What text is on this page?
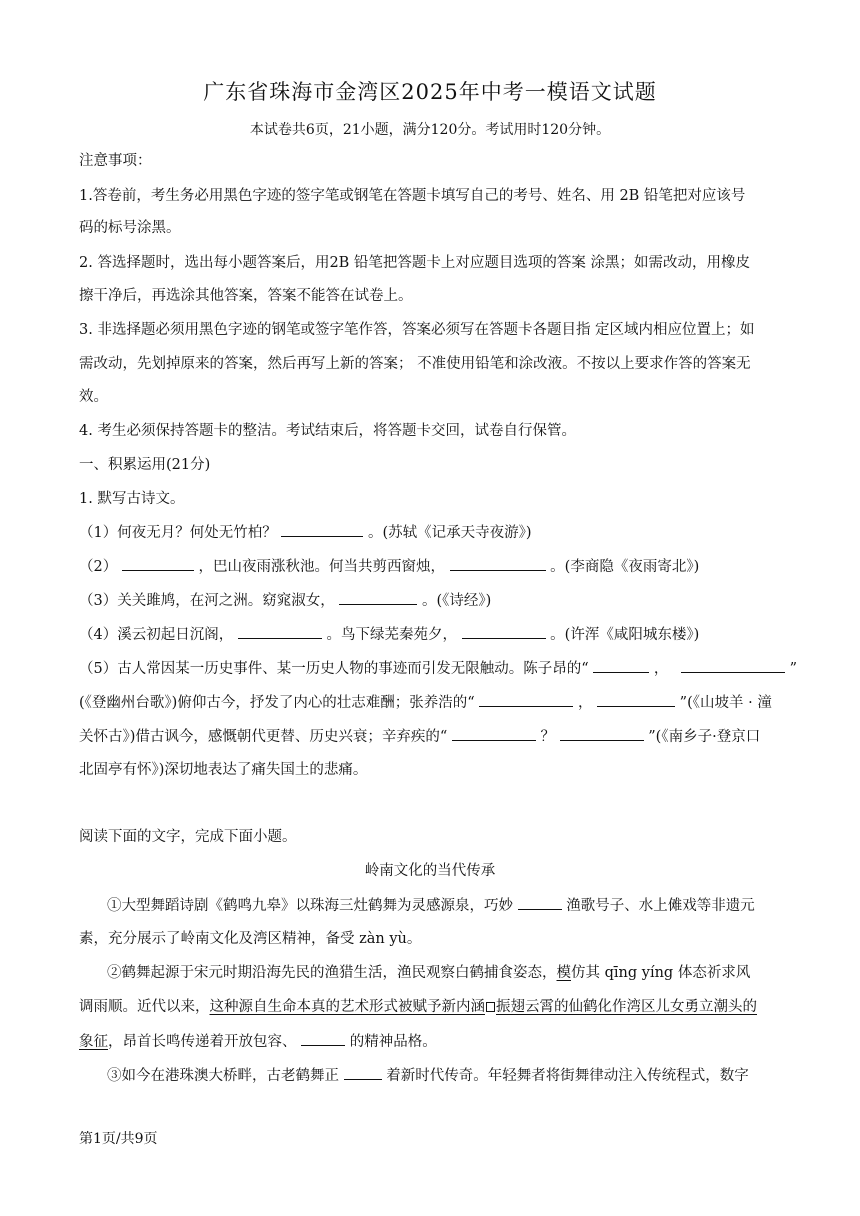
广东省珠海市金湾区2025年中考一模语文试题
本试卷共6页，21小题，满分120分。考试用时120分钟。
注意事项：
1.答卷前，考生务必用黑色字迹的签字笔或钢笔在答题卡填写自己的考号、姓名、用 2B 铅笔把对应该号
码的标号涂黑。
2. 答选择题时，选出每小题答案后，用2B 铅笔把答题卡上对应题目选项的答案 涂黑；如需改动，用橡皮
擦干净后，再选涂其他答案，答案不能答在试卷上。
3. 非选择题必须用黑色字迹的钢笔或签字笔作答，答案必须写在答题卡各题目指 定区域内相应位置上；如
需改动，先划掉原来的答案，然后再写上新的答案； 不准使用铅笔和涂改液。不按以上要求作答的答案无
效。
4. 考生必须保持答题卡的整洁。考试结束后，将答题卡交回，试卷自行保管。
一、积累运用(21分)
1. 默写古诗文。
（1）何夜无月？何处无竹柏？	。(苏轼《记承天寺夜游》)
（2）	，巴山夜雨涨秋池。何当共剪西窗烛，	。(李商隐《夜雨寄北》)
（3）关关雎鸠，在河之洲。窈窕淑女，	。(《诗经》)
（4）溪云初起日沉阁，	。鸟下绿芜秦苑夕，	。(许浑《咸阳城东楼》)
（5）古人常因某一历史事件、某一历史人物的事迹而引发无限触动。陈子昂的“	，	”
(《登幽州台歌》)俯仰古今，抒发了内心的壮志难酬；张养浩的“	，	”(《山坡羊 · 潼
关怀古》)借古讽今，感慨朝代更替、历史兴衰；辛弃疾的“	？	”(《南乡子·登京口
北固亭有怀》)深切地表达了痛失国土的悲痛。
阅读下面的文字，完成下面小题。
岭南文化的当代传承
①大型舞蹈诗剧《鹤鸣九皋》以珠海三灶鹤舞为灵感源泉，巧妙	渔歌号子、水上傩戏等非遗元
素，充分展示了岭南文化及湾区精神，备受 zàn yù。
②鹤舞起源于宋元时期沿海先民的渔猎生活，渔民观察白鹤捕食姿态，模仿其 qīng yíng 体态祈求风
调雨顺。近代以来，这种源自生命本真的艺术形式被赋予新内涵 振翅云霄的仙鹤化作湾区儿女勇立潮头的
象征，昂首长鸣传递着开放包容、	的精神品格。
③如今在港珠澳大桥畔，古老鹤舞正	着新时代传奇。年轻舞者将街舞律动注入传统程式，数字
第1页/共9页
